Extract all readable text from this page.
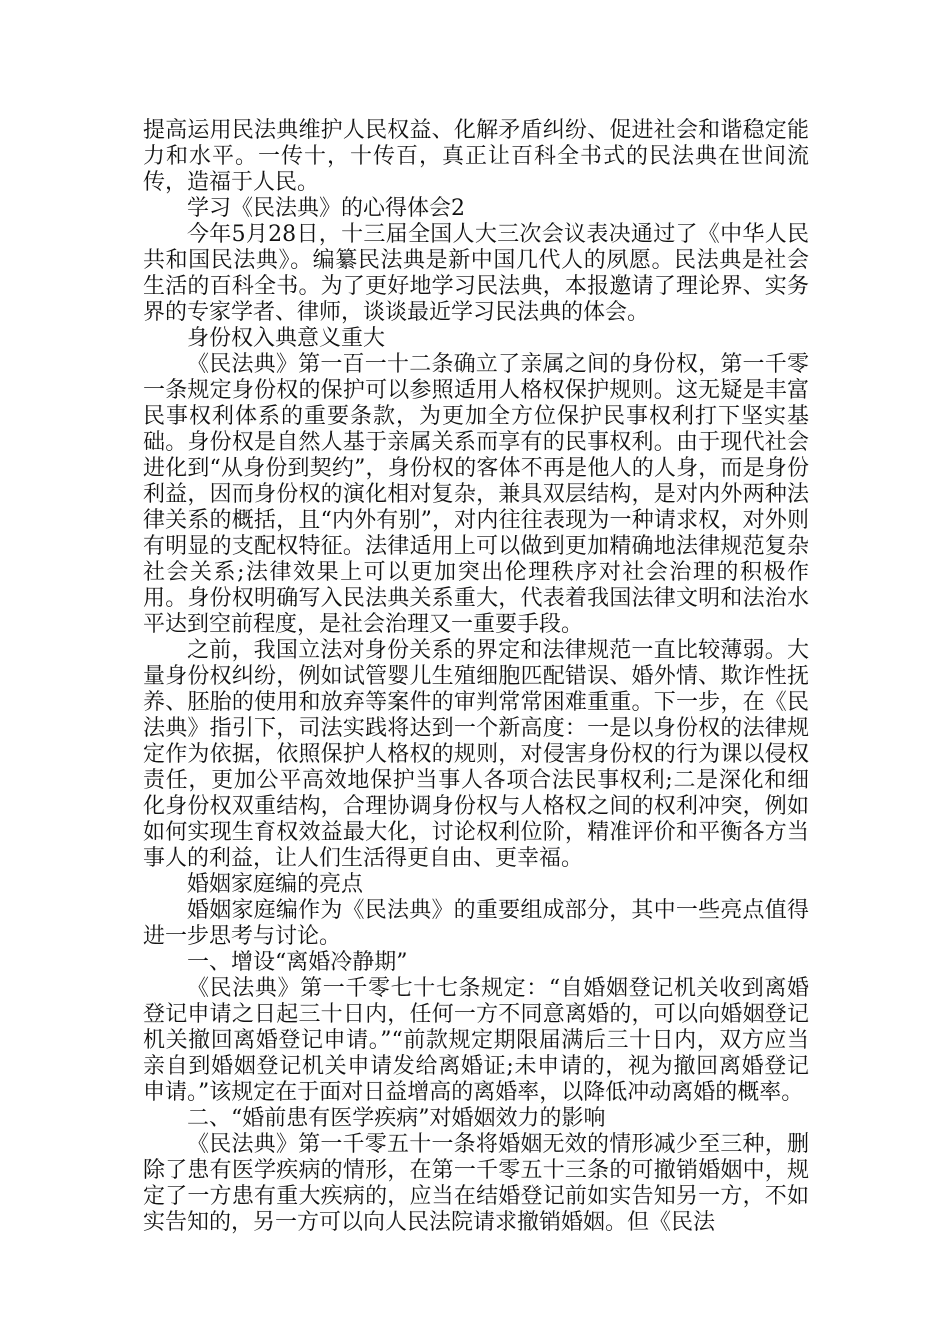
提高运用民法典维护人民权益、化解矛盾纠纷、促进社会和谐稳定能力和水平。一传十，十传百，真正让百科全书式的民法典在世间流传，造福于人民。

学习《民法典》的心得体会2

今年5月28日，十三届全国人大三次会议表决通过了《中华人民共和国民法典》。编纂民法典是新中国几代人的夙愿。民法典是社会生活的百科全书。为了更好地学习民法典，本报邀请了理论界、实务界的专家学者、律师，谈谈最近学习民法典的体会。

身份权入典意义重大

《民法典》第一百一十二条确立了亲属之间的身份权，第一千零一条规定身份权的保护可以参照适用人格权保护规则。这无疑是丰富民事权利体系的重要条款，为更加全方位保护民事权利打下坚实基础。身份权是自然人基于亲属关系而享有的民事权利。由于现代社会进化到“从身份到契约”，身份权的客体不再是他人的人身，而是身份利益，因而身份权的演化相对复杂，兼具双层结构，是对内外两种法律关系的概括，且“内外有别”，对内往往表现为一种请求权，对外则有明显的支配权特征。法律适用上可以做到更加精确地法律规范复杂社会关系;法律效果上可以更加突出伦理秩序对社会治理的积极作用。身份权明确写入民法典关系重大，代表着我国法律文明和法治水平达到空前程度，是社会治理又一重要手段。

之前，我国立法对身份关系的界定和法律规范一直比较薄弱。大量身份权纠纷，例如试管婴儿生殖细胞匹配错误、婚外情、欺诈性抚养、胚胎的使用和放弃等案件的审判常常困难重重。下一步，在《民法典》指引下，司法实践将达到一个新高度：一是以身份权的法律规定作为依据，依照保护人格权的规则，对侵害身份权的行为课以侵权责任，更加公平高效地保护当事人各项合法民事权利;二是深化和细化身份权双重结构，合理协调身份权与人格权之间的权利冲突，例如如何实现生育权效益最大化，讨论权利位阶，精准评价和平衡各方当事人的利益，让人们生活得更自由、更幸福。

婚姻家庭编的亮点

婚姻家庭编作为《民法典》的重要组成部分，其中一些亮点值得进一步思考与讨论。

一、增设“离婚冷静期”

《民法典》第一千零七十七条规定：“自婚姻登记机关收到离婚登记申请之日起三十日内，任何一方不同意离婚的，可以向婚姻登记机关撤回离婚登记申请。”“前款规定期限届满后三十日内，双方应当亲自到婚姻登记机关申请发给离婚证;未申请的，视为撤回离婚登记申请。”该规定在于面对日益增高的离婚率，以降低冲动离婚的概率。

二、“婚前患有医学疾病”对婚姻效力的影响

《民法典》第一千零五十一条将婚姻无效的情形减少至三种，删除了患有医学疾病的情形，在第一千零五十三条的可撤销婚姻中，规定了一方患有重大疾病的，应当在结婚登记前如实告知另一方，不如实告知的，另一方可以向人民法院请求撤销婚姻。但《民法
